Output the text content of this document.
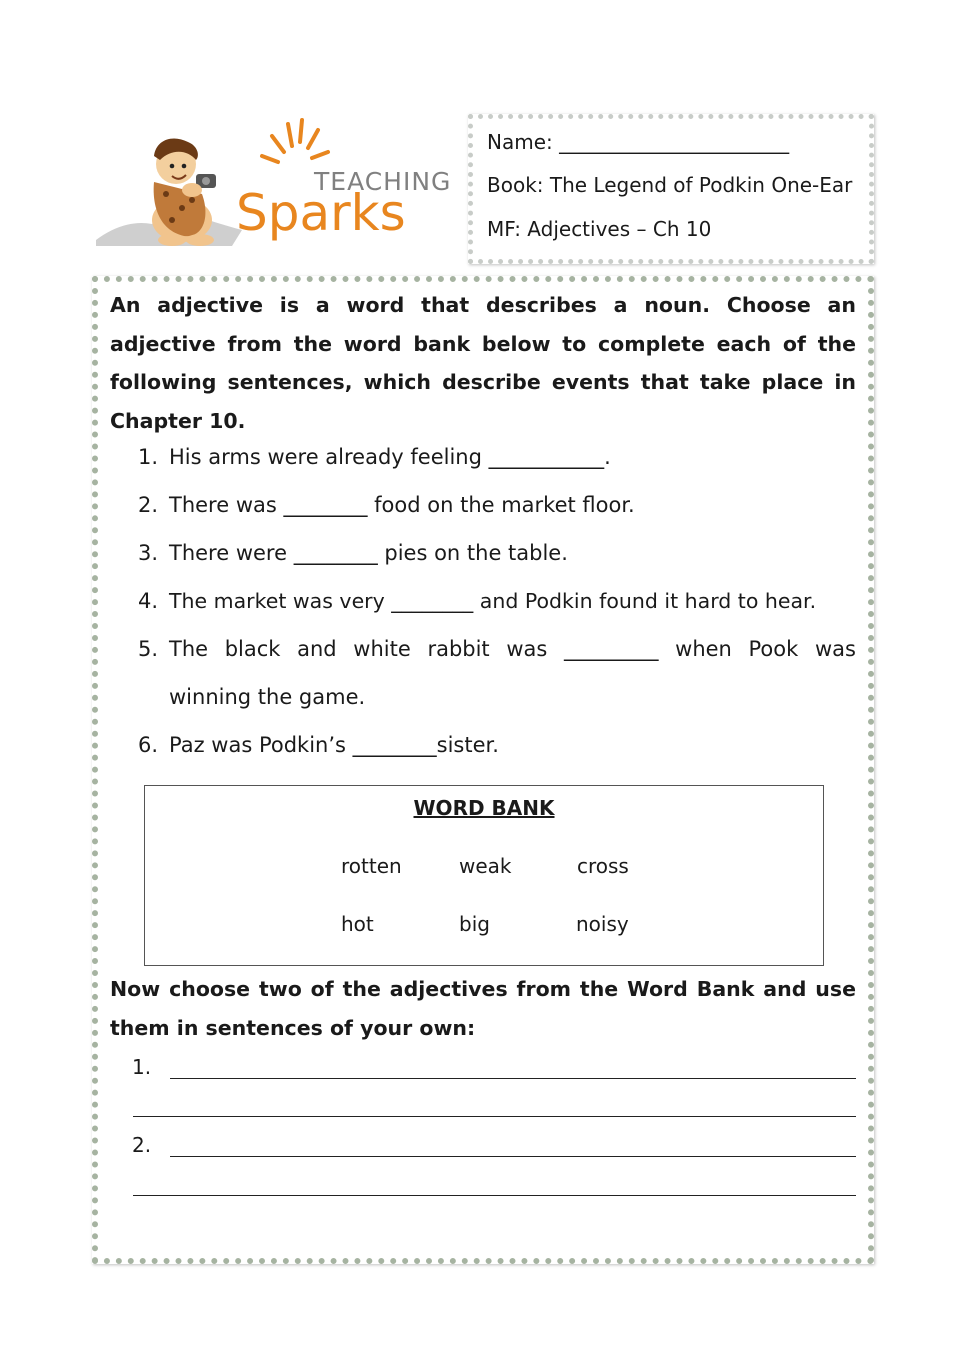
TEACHING
Sparks
Name: _______________________
Book: The Legend of Podkin One-Ear
MF: Adjectives – Ch 10

An adjective is a word that describes a noun. Choose an adjective from the word bank below to complete each of the following sentences, which describe events that take place in Chapter 10.

1. His arms were already feeling ___________.
2. There was ________ food on the market floor.
3. There were ________ pies on the table.
4. The market was very ________ and Podkin found it hard to hear.
5. The black and white rabbit was _________ when Pook was
winning the game.
6. Paz was Podkin’s ________sister.
WORD BANK
rotten	weak	cross
hot	big	noisy

Now choose two of the adjectives from the Word Bank and use them in sentences of your own:

1.
2.
